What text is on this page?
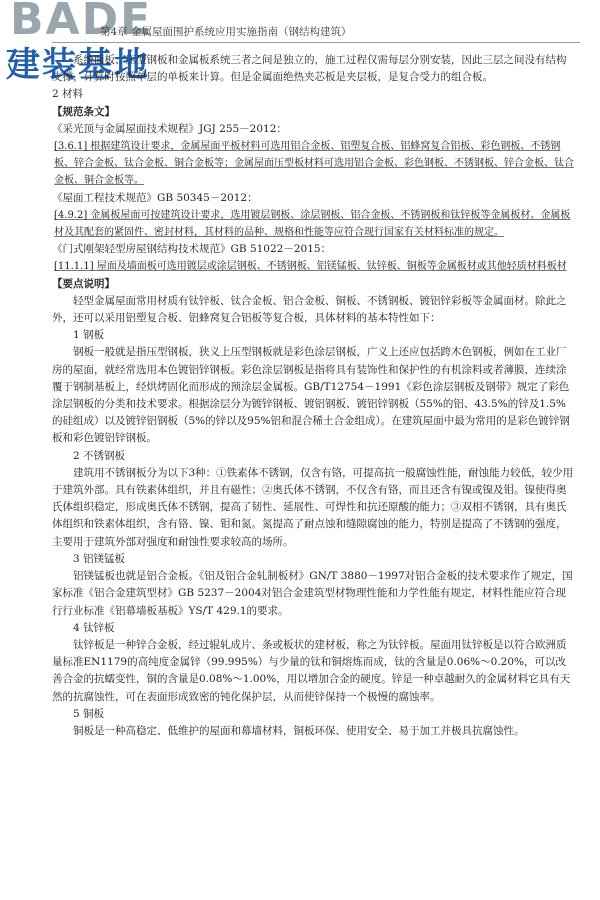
BADE
建装基地
第4章 金属屋面围护系统应用实施指南（钢结构建筑）

系统面板、压型钢板和金属板系统三者之间是独立的，施工过程仅需每层分别安装，因此三层之间没有结构支撑，计算时按照单层的单板来计算。但是金属面绝热夹芯板是夹层板，是复合受力的组合板。

2 材料

【规范条文】

《采光顶与金属屋面技术规程》JGJ 255－2012：

[3.6.1] 根据建筑设计要求，金属屋面平板材料可选用铝合金板、铝塑复合板、铝蜂窝复合铝板、彩色钢板、不锈钢板、锌合金板、钛合金板、铜合金板等；金属屋面压型板材料可选用铝合金板、彩色钢板、不锈钢板、锌合金板、钛合金板、铜合金板等。

《屋面工程技术规范》GB 50345－2012：

[4.9.2] 金属板屋面可按建筑设计要求，选用镀层钢板、涂层钢板、铝合金板、不锈钢板和钛锌板等金属板材。金属板材及其配套的紧固件、密封材料，其材料的品种、规格和性能等应符合现行国家有关材料标准的规定。

《门式刚架轻型房屋钢结构技术规范》GB 51022－2015：

[11.1.1] 屋面及墙面板可选用镀层或涂层钢板、不锈钢板、铝镁锰板、钛锌板、铜板等金属板材或其他轻质材料板材

【要点说明】

轻型金属屋面常用材质有钛锌板、钛合金板、铝合金板、铜板、不锈钢板、镀铝锌彩板等金属面材。除此之外，还可以采用铝塑复合板、铝蜂窝复合铝板等复合板，具体材料的基本特性如下：

1 钢板

钢板一般就是指压型钢板，狭义上压型钢板就是彩色涂层钢板，广义上还应包括跨木色钢板，例如在工业厂房的屋面，就经常选用本色镀铝锌钢板。彩色涂层钢板是指将具有装饰性和保护性的有机涂料或者薄膜，连续涂覆于钢制基板上，经烘烤固化而形成的预涂层金属板。GB/T12754－1991《彩色涂层钢板及钢带》规定了彩色涂层钢板的分类和技术要求。根据涂层分为镀锌钢板、镀铝钢板、镀铝锌钢板（55%的铝、43.5%的锌及1.5%的硅组成）以及镀锌铝钢板（5%的锌以及95%铝和混合稀土合金组成）。在建筑屋面中最为常用的是彩色镀锌钢板和彩色镀铝锌钢板。

2 不锈钢板

建筑用不锈钢板分为以下3种：①铁素体不锈钢，仅含有铬，可提高抗一般腐蚀性能，耐蚀能力较低，较少用于建筑外部。具有铁素体组织，并且有磁性；②奥氏体不锈钢，不仅含有铬，而且还含有镍或镍及钼。镍使得奥氏体组织稳定，形成奥氏体不锈钢，提高了韧性、延展性、可焊性和抗还原酸的能力；③双相不锈钢，具有奥氏体组织和铁素体组织，含有铬、镍、钼和氮。氮提高了耐点蚀和缝隙腐蚀的能力，特别是提高了不锈钢的强度，主要用于建筑外部对强度和耐蚀性要求较高的场所。

3 铝镁锰板

铝镁锰板也就是铝合金板。《铝及铝合金轧制板材》GN/T 3880－1997对铝合金板的技术要求作了规定，国家标准《铝合金建筑型材》GB 5237－2004对铝合金建筑型材物理性能和力学性能有规定，材料性能应符合现行行业标准《铝幕墙板基板》YS/T 429.1的要求。

4 钛锌板

钛锌板是一种锌合金板，经过辊轧成片、条或板状的建材板，称之为钛锌板。屋面用钛锌板是以符合欧洲质量标准EN1179的高纯度金属锌（99.995%）与少量的钛和铜熔炼而成，钛的含量是0.06%～0.20%，可以改善合金的抗蠕变性，铜的含量是0.08%～1.00%，用以增加合金的硬度。锌是一种卓越耐久的金属材料它具有天然的抗腐蚀性，可在表面形成致密的钝化保护层，从而使锌保持一个极慢的腐蚀率。

5 铜板

铜板是一种高稳定、低维护的屋面和幕墙材料，铜板环保、使用安全、易于加工并极具抗腐蚀性。
